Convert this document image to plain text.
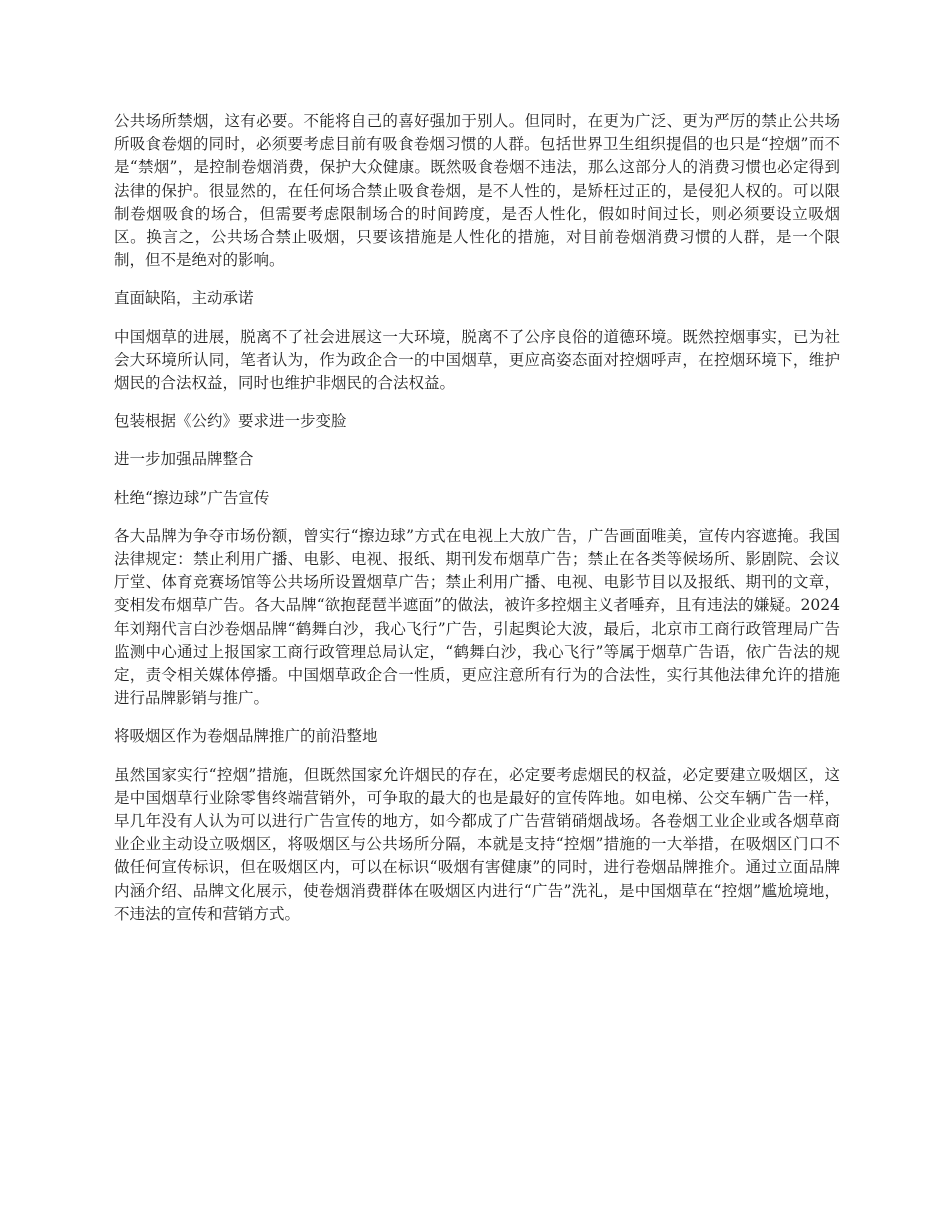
公共场所禁烟，这有必要。不能将自己的喜好强加于别人。但同时，在更为广泛、更为严厉的禁止公共场所吸食卷烟的同时，必须要考虑目前有吸食卷烟习惯的人群。包括世界卫生组织提倡的也只是“控烟”而不是“禁烟”，是控制卷烟消费，保护大众健康。既然吸食卷烟不违法，那么这部分人的消费习惯也必定得到法律的保护。很显然的，在任何场合禁止吸食卷烟，是不人性的，是矫枉过正的，是侵犯人权的。可以限制卷烟吸食的场合，但需要考虑限制场合的时间跨度，是否人性化，假如时间过长，则必须要设立吸烟区。换言之，公共场合禁止吸烟，只要该措施是人性化的措施，对目前卷烟消费习惯的人群，是一个限制，但不是绝对的影响。

直面缺陷，主动承诺

中国烟草的进展，脱离不了社会进展这一大环境，脱离不了公序良俗的道德环境。既然控烟事实，已为社会大环境所认同，笔者认为，作为政企合一的中国烟草，更应高姿态面对控烟呼声，在控烟环境下，维护烟民的合法权益，同时也维护非烟民的合法权益。

包装根据《公约》要求进一步变脸

进一步加强品牌整合

杜绝“擦边球”广告宣传

各大品牌为争夺市场份额，曾实行“擦边球”方式在电视上大放广告，广告画面唯美，宣传内容遮掩。我国法律规定：禁止利用广播、电影、电视、报纸、期刊发布烟草广告；禁止在各类等候场所、影剧院、会议厅堂、体育竞赛场馆等公共场所设置烟草广告；禁止利用广播、电视、电影节目以及报纸、期刊的文章，变相发布烟草广告。各大品牌“欲抱琵琶半遮面”的做法，被许多控烟主义者唾弃，且有违法的嫌疑。2024年刘翔代言白沙卷烟品牌“鹤舞白沙，我心飞行”广告，引起舆论大波，最后，北京市工商行政管理局广告监测中心通过上报国家工商行政管理总局认定，“鹤舞白沙，我心飞行”等属于烟草广告语，依广告法的规定，责令相关媒体停播。中国烟草政企合一性质，更应注意所有行为的合法性，实行其他法律允许的措施进行品牌影销与推广。

将吸烟区作为卷烟品牌推广的前沿整地

虽然国家实行“控烟”措施，但既然国家允许烟民的存在，必定要考虑烟民的权益，必定要建立吸烟区，这是中国烟草行业除零售终端营销外，可争取的最大的也是最好的宣传阵地。如电梯、公交车辆广告一样，早几年没有人认为可以进行广告宣传的地方，如今都成了广告营销硝烟战场。各卷烟工业企业或各烟草商业企业主动设立吸烟区，将吸烟区与公共场所分隔，本就是支持“控烟”措施的一大举措，在吸烟区门口不做任何宣传标识，但在吸烟区内，可以在标识“吸烟有害健康”的同时，进行卷烟品牌推介。通过立面品牌内涵介绍、品牌文化展示，使卷烟消费群体在吸烟区内进行“广告”洗礼，是中国烟草在“控烟”尴尬境地，不违法的宣传和营销方式。
